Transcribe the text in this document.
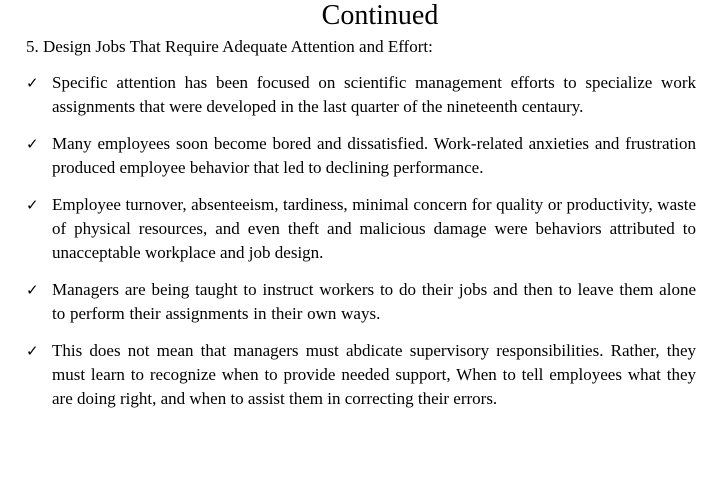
Continued

5. Design Jobs That Require Adequate Attention and Effort:

✓ Specific attention has been focused on scientific management efforts to specialize work assignments that were developed in the last quarter of the nineteenth centaury.
✓ Many employees soon become bored and dissatisfied. Work-related anxieties and frustration produced employee behavior that led to declining performance.
✓ Employee turnover, absenteeism, tardiness, minimal concern for quality or productivity, waste of physical resources, and even theft and malicious damage were behaviors attributed to unacceptable workplace and job design.
✓ Managers are being taught to instruct workers to do their jobs and then to leave them alone to perform their assignments in their own ways.
✓ This does not mean that managers must abdicate supervisory responsibilities. Rather, they must learn to recognize when to provide needed support, When to tell employees what they are doing right, and when to assist them in correcting their errors.
